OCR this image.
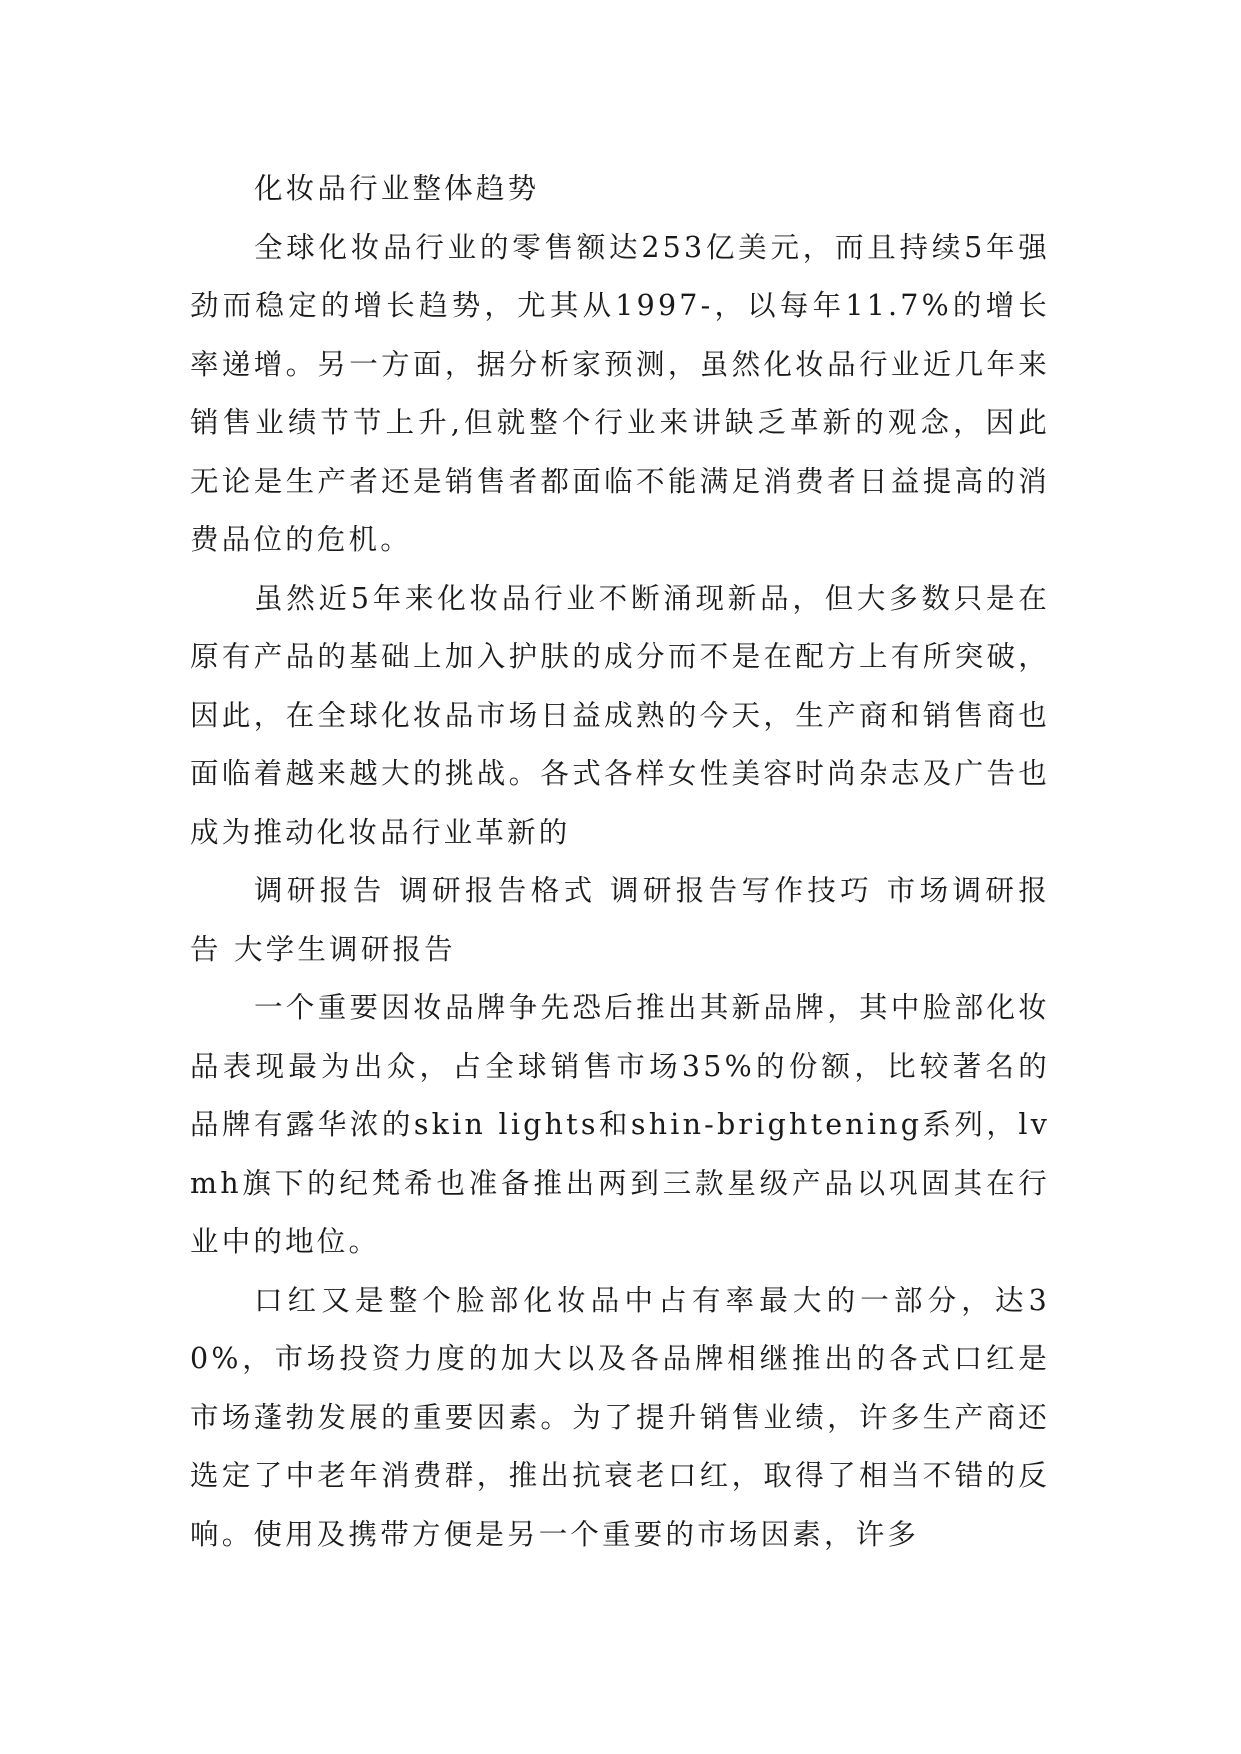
化妆品行业整体趋势

全球化妆品行业的零售额达253亿美元，而且持续5年强劲而稳定的增长趋势，尤其从1997-，以每年11.7%的增长率递增。另一方面，据分析家预测，虽然化妆品行业近几年来销售业绩节节上升,但就整个行业来讲缺乏革新的观念，因此无论是生产者还是销售者都面临不能满足消费者日益提高的消费品位的危机。

虽然近5年来化妆品行业不断涌现新品，但大多数只是在原有产品的基础上加入护肤的成分而不是在配方上有所突破，因此，在全球化妆品市场日益成熟的今天，生产商和销售商也面临着越来越大的挑战。各式各样女性美容时尚杂志及广告也成为推动化妆品行业革新的

调研报告 调研报告格式 调研报告写作技巧 市场调研报告 大学生调研报告

一个重要因妆品牌争先恐后推出其新品牌，其中脸部化妆品表现最为出众，占全球销售市场35%的份额，比较著名的品牌有露华浓的skin lights和shin-brightening系列，lvmh旗下的纪梵希也准备推出两到三款星级产品以巩固其在行业中的地位。

口红又是整个脸部化妆品中占有率最大的一部分，达30%，市场投资力度的加大以及各品牌相继推出的各式口红是市场蓬勃发展的重要因素。为了提升销售业绩，许多生产商还选定了中老年消费群，推出抗衰老口红，取得了相当不错的反响。使用及携带方便是另一个重要的市场因素，许多
